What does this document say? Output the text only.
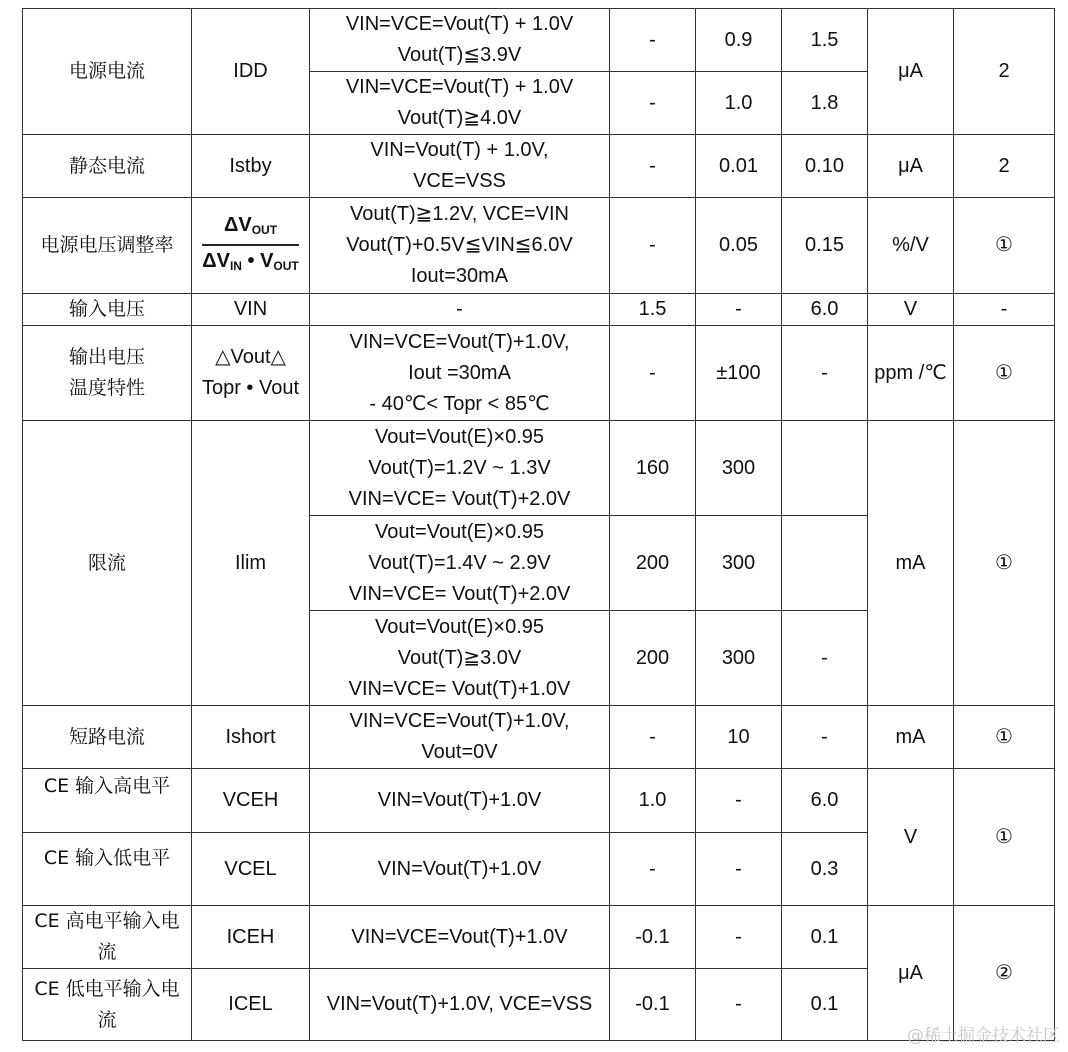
电源电流	IDD	VIN=VCE=Vout(T) + 1.0V
Vout(T)≦3.9V	-	0.9	1.5	μA	2

		VIN=VCE=Vout(T) + 1.0V
Vout(T)≧4.0V	-	1.0	1.8		
静态电流	Istby	VIN=Vout(T) + 1.0V,
VCE=VSS	-	0.01	0.10	μA	2
电源电压调整率	$\frac{\Delta V_{OUT}}{\Delta V_{IN} • V_{OUT}}$	Vout(T)≧1.2V, VCE=VIN
Vout(T)+0.5V≦VIN≦6.0V
Iout=30mA	-	0.05	0.15	%/V	①
输入电压	VIN	-	1.5	-	6.0	V	-

输出电压
温度特性	△Vout△
Topr • Vout	VIN=VCE=Vout(T)+1.0V,
Iout =30mA
- 40℃< Topr < 85℃	-	±100	-	ppm /℃	①
限流	Ilim	Vout=Vout(E)×0.95
Vout(T)=1.2V ~ 1.3V
VIN=VCE= Vout(T)+2.0V	160	300		mA	①

		Vout=Vout(E)×0.95
Vout(T)=1.4V ~ 2.9V
VIN=VCE= Vout(T)+2.0V	200	300			

		Vout=Vout(E)×0.95
Vout(T)≧3.0V
VIN=VCE= Vout(T)+1.0V	200	300	-		
短路电流	Ishort	VIN=VCE=Vout(T)+1.0V,
Vout=0V	-	10	-	mA	①
CE 输入高电平	VCEH	VIN=Vout(T)+1.0V	1.0	-	6.0	V	①
CE 输入低电平	VCEL	VIN=Vout(T)+1.0V	-	-	0.3		

CE 高电平输入电
流	ICEH	VIN=VCE=Vout(T)+1.0V	-0.1	-	0.1	μA	②

CE 低电平输入电
流	ICEL	VIN=Vout(T)+1.0V, VCE=VSS	-0.1	-	0.1		
@稀土掘金技术社区
